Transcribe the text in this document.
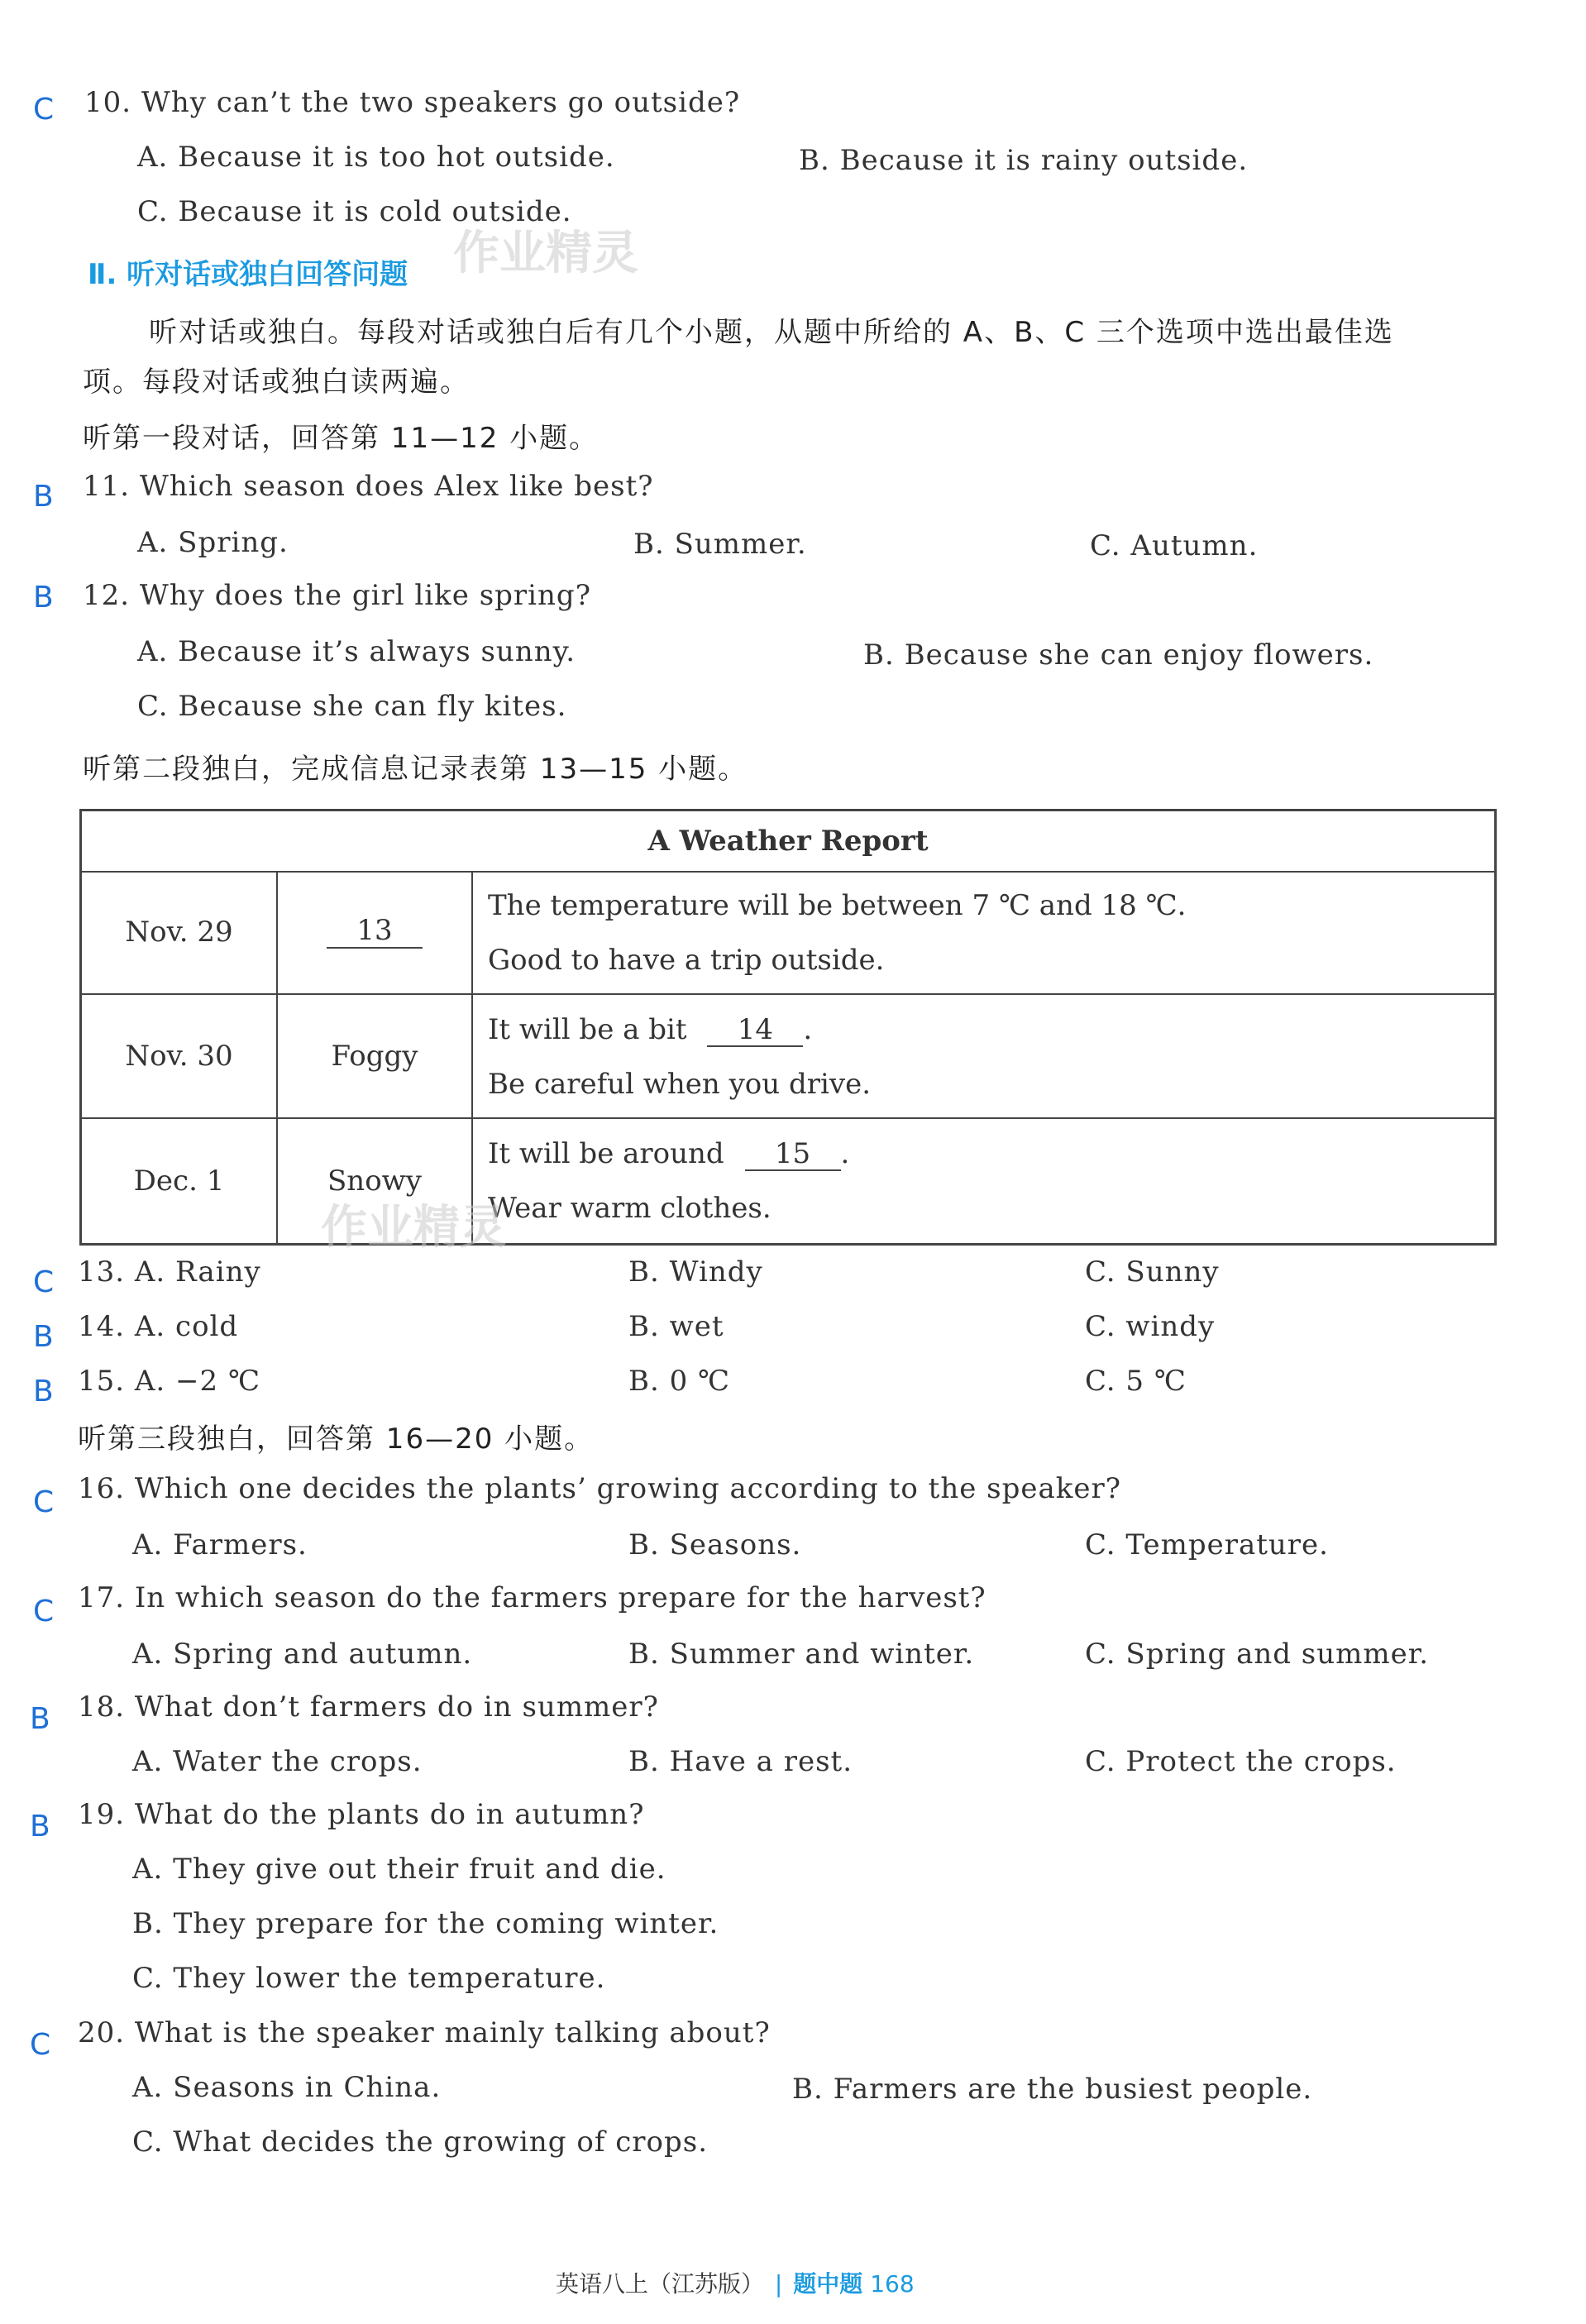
C 10. Why can’t the two speakers go outside?
A. Because it is too hot outside.	B. Because it is rainy outside.
C. Because it is cold outside.
作业精灵
Ⅱ. 听对话或独白回答问题
听对话或独白。每段对话或独白后有几个小题，从题中所给的 A、B、C 三个选项中选出最佳选
项。每段对话或独白读两遍。
听第一段对话，回答第 11—12 小题。
B 11. Which season does Alex like best?
A. Spring.	B. Summer.	C. Autumn.
B 12. Why does the girl like spring?
A. Because it’s always sunny.	B. Because she can enjoy flowers.
C. Because she can fly kites.
听第二段独白，完成信息记录表第 13—15 小题。
A Weather Report
Nov. 29	13
The temperature will be between 7 ℃ and 18 ℃.
Good to have a trip outside.
Nov. 30	Foggy
It will be a bit 14 .
Be careful when you drive.
Dec. 1	Snowy
It will be around 15 .
Wear warm clothes.
作业精灵
C 13. A. Rainy	B. Windy	C. Sunny
B 14. A. cold	B. wet	C. windy
B 15. A. −2 ℃	B. 0 ℃	C. 5 ℃
听第三段独白，回答第 16—20 小题。
C 16. Which one decides the plants’ growing according to the speaker?
A. Farmers.	B. Seasons.	C. Temperature.
C 17. In which season do the farmers prepare for the harvest?
A. Spring and autumn.	B. Summer and winter.	C. Spring and summer.
B 18. What don’t farmers do in summer?
A. Water the crops.	B. Have a rest.	C. Protect the crops.
B 19. What do the plants do in autumn?
A. They give out their fruit and die.
B. They prepare for the coming winter.
C. They lower the temperature.
C 20. What is the speaker mainly talking about?
A. Seasons in China.	B. Farmers are the busiest people.
C. What decides the growing of crops.
英语八上（江苏版） | 题中题 168
